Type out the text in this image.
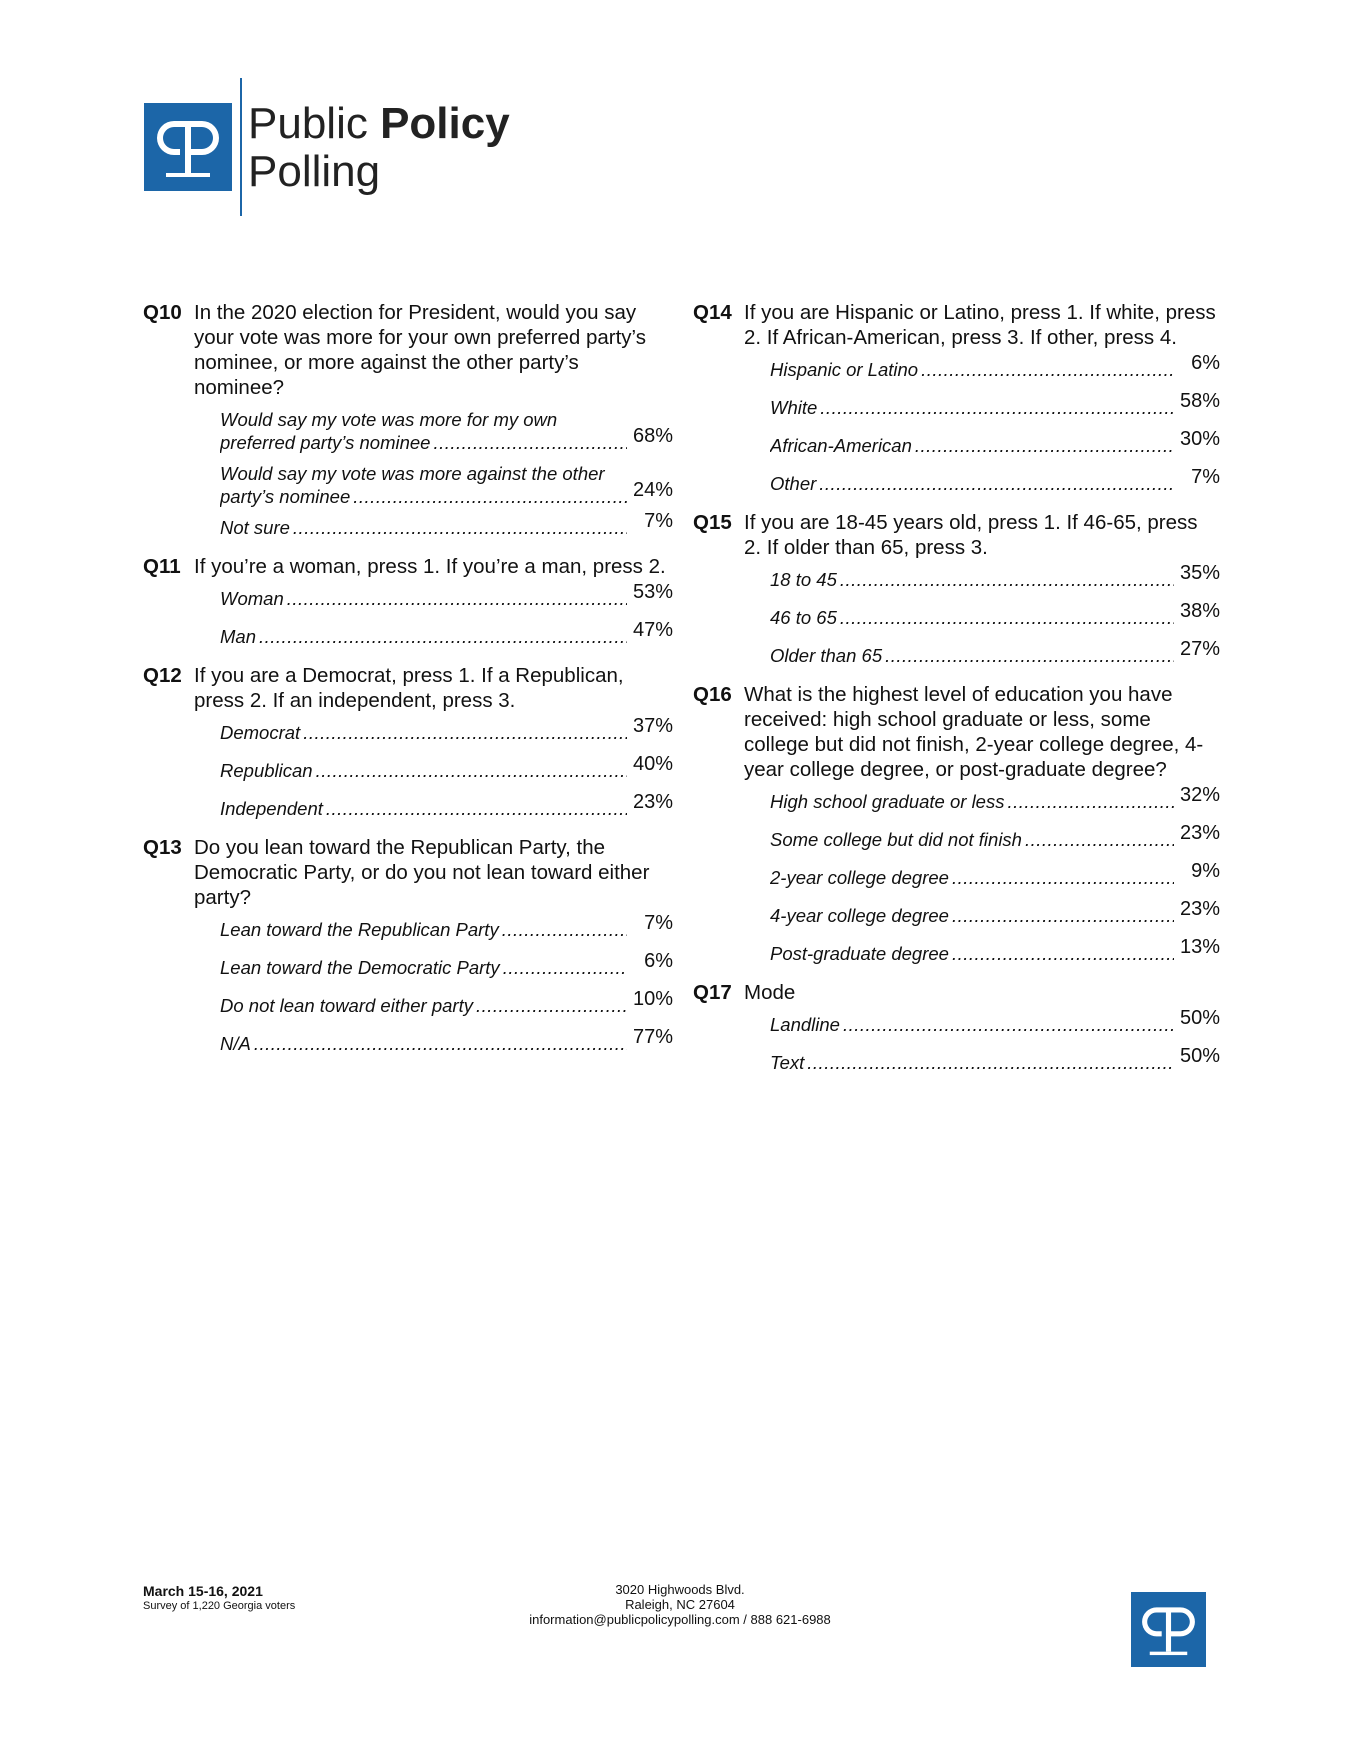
Public Policy
Polling
Q10 In the 2020 election for President, would you say your vote was more for your own preferred party’s nominee, or more against the other party’s nominee?
Would say my vote was more for my own preferred party’s nominee .....	68%
Would say my vote was more against the other party’s nominee .....	24%
Not sure .....	7%
Q11 If you’re a woman, press 1. If you’re a man, press 2.
Woman .....	53%
Man .....	47%
Q12 If you are a Democrat, press 1. If a Republican, press 2. If an independent, press 3.
Democrat .....	37%
Republican .....	40%
Independent .....	23%
Q13 Do you lean toward the Republican Party, the Democratic Party, or do you not lean toward either party?
Lean toward the Republican Party .....	7%
Lean toward the Democratic Party .....	6%
Do not lean toward either party .....	10%
N/A .....	77%
Q14 If you are Hispanic or Latino, press 1. If white, press 2. If African-American, press 3. If other, press 4.
Hispanic or Latino .....	6%
White .....	58%
African-American .....	30%
Other .....	7%
Q15 If you are 18-45 years old, press 1. If 46-65, press 2. If older than 65, press 3.
18 to 45 .....	35%
46 to 65 .....	38%
Older than 65 .....	27%
Q16 What is the highest level of education you have received: high school graduate or less, some college but did not finish, 2-year college degree, 4-year college degree, or post-graduate degree?
High school graduate or less .....	32%
Some college but did not finish .....	23%
2-year college degree .....	9%
4-year college degree .....	23%
Post-graduate degree .....	13%
Q17 Mode
Landline .....	50%
Text .....	50%
March 15-16, 2021
Survey of 1,220 Georgia voters
3020 Highwoods Blvd.
Raleigh, NC 27604
information@publicpolicypolling.com / 888 621-6988
